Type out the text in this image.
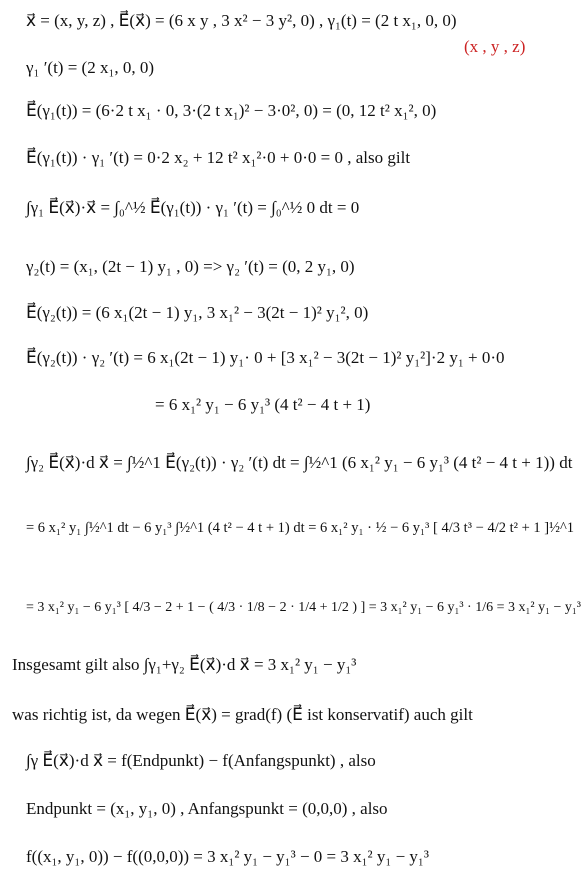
x⃗ = (x, y, z) , E⃗(x⃗) = (6 x y , 3 x² − 3 y², 0) , γ₁(t) = (2 t x₁, 0, 0)
(x , y , z)
γ₁ ′(t) = (2 x₁, 0, 0)
E⃗(γ₁(t)) = (6·2 t x₁ · 0, 3·(2 t x₁)² − 3·0², 0) = (0, 12 t² x₁², 0)
E⃗(γ₁(t)) · γ₁ ′(t) = 0·2 x₂ + 12 t² x₁²·0 + 0·0 = 0 , also gilt
∫γ₁ E⃗(x⃗)·x⃗ = ∫₀^½ E⃗(γ₁(t)) · γ₁ ′(t) = ∫₀^½ 0 dt = 0
γ₂(t) = (x₁, (2t − 1) y₁ , 0) => γ₂ ′(t) = (0, 2 y₁, 0)
E⃗(γ₂(t)) = (6 x₁(2t − 1) y₁, 3 x₁² − 3(2t − 1)² y₁², 0)
E⃗(γ₂(t)) · γ₂ ′(t) = 6 x₁(2t − 1) y₁· 0 + [3 x₁² − 3(2t − 1)² y₁²]·2 y₁ + 0·0
= 6 x₁² y₁ − 6 y₁³ (4 t² − 4 t + 1)
∫γ₂ E⃗(x⃗)·d x⃗ = ∫½^1 E⃗(γ₂(t)) · γ₂ ′(t) dt = ∫½^1 (6 x₁² y₁ − 6 y₁³ (4 t² − 4 t + 1)) dt
= 6 x₁² y₁ ∫½^1 dt − 6 y₁³ ∫½^1 (4 t² − 4 t + 1) dt = 6 x₁² y₁ · ½ − 6 y₁³ [ 4/3 t³ − 4/2 t² + 1 ]½^1
= 3 x₁² y₁ − 6 y₁³ [ 4/3 − 2 + 1 − ( 4/3 · 1/8 − 2 · 1/4 + 1/2 ) ] = 3 x₁² y₁ − 6 y₁³ · 1/6 = 3 x₁² y₁ − y₁³
Insgesamt gilt also ∫γ₁+γ₂ E⃗(x⃗)·d x⃗ = 3 x₁² y₁ − y₁³
was richtig ist, da wegen E⃗(x⃗) = grad(f) (E⃗ ist konservatif) auch gilt
∫γ E⃗(x⃗)·d x⃗ = f(Endpunkt) − f(Anfangspunkt) , also
Endpunkt = (x₁, y₁, 0) , Anfangspunkt = (0,0,0) , also
f((x₁, y₁, 0)) − f((0,0,0)) = 3 x₁² y₁ − y₁³ − 0 = 3 x₁² y₁ − y₁³
